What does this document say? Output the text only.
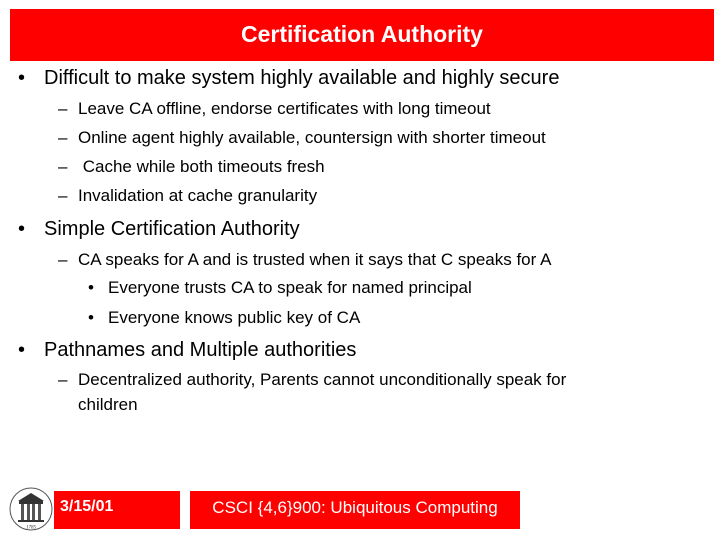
Certification Authority
• Difficult to make system highly available and highly secure
– Leave CA offline, endorse certificates with long timeout
– Online agent highly available, countersign with shorter timeout
– Cache while both timeouts fresh
– Invalidation at cache granularity
• Simple Certification Authority
– CA speaks for A and is trusted when it says that C speaks for A
• Everyone trusts CA to speak for named principal
• Everyone knows public key of CA
• Pathnames and Multiple authorities
– Decentralized authority, Parents cannot unconditionally speak for
children
1785
3/15/01	CSCI {4,6}900: Ubiquitous Computing
